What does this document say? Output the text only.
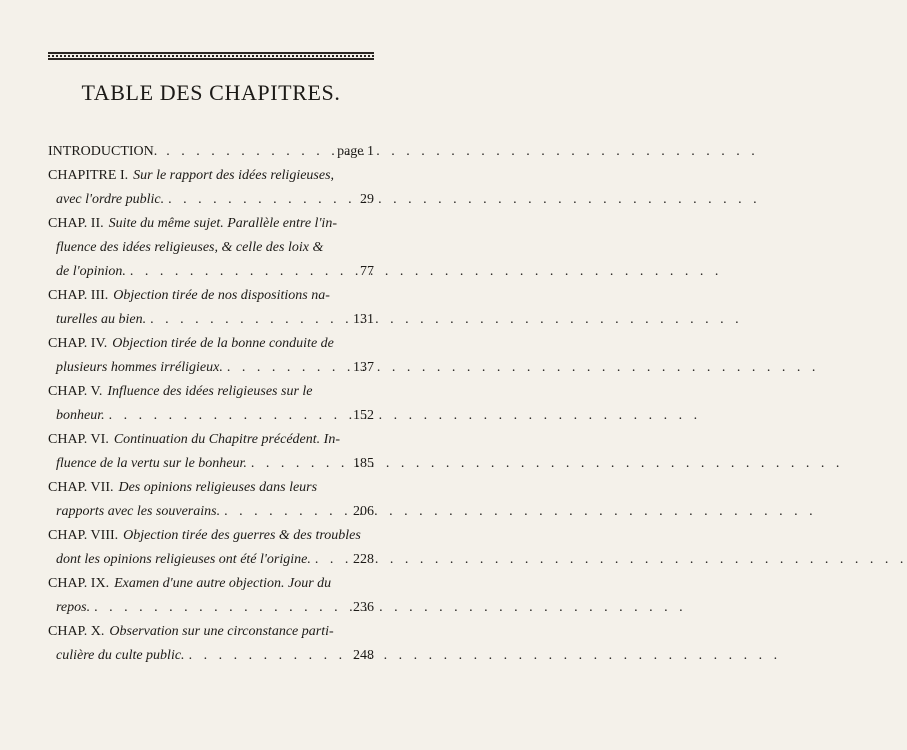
TABLE DES CHAPITRES.
INTRODUCTION. . . .	page 1
CHAPITRE I. Sur le rapport des idées religieuses,
avec l'ordre public. . . .	29
CHAP. II. Suite du même sujet. Parallèle entre l'in-
fluence des idées religieuses, & celle des loix &
de l'opinion. . . .	77
CHAP. III. Objection tirée de nos dispositions na-
turelles au bien. . . .	131
CHAP. IV. Objection tirée de la bonne conduite de
plusieurs hommes irréligieux. . . .	137
CHAP. V. Influence des idées religieuses sur le
bonheur. . . .	152
CHAP. VI. Continuation du Chapitre précédent. In-
fluence de la vertu sur le bonheur. . . .	185
CHAP. VII. Des opinions religieuses dans leurs
rapports avec les souverains. . . .	206
CHAP. VIII. Objection tirée des guerres & des troubles
dont les opinions religieuses ont été l'origine. . . .	228
CHAP. IX. Examen d'une autre objection. Jour du
repos. . . .	236
CHAP. X. Observation sur une circonstance parti-
culière du culte public. . . .	248
